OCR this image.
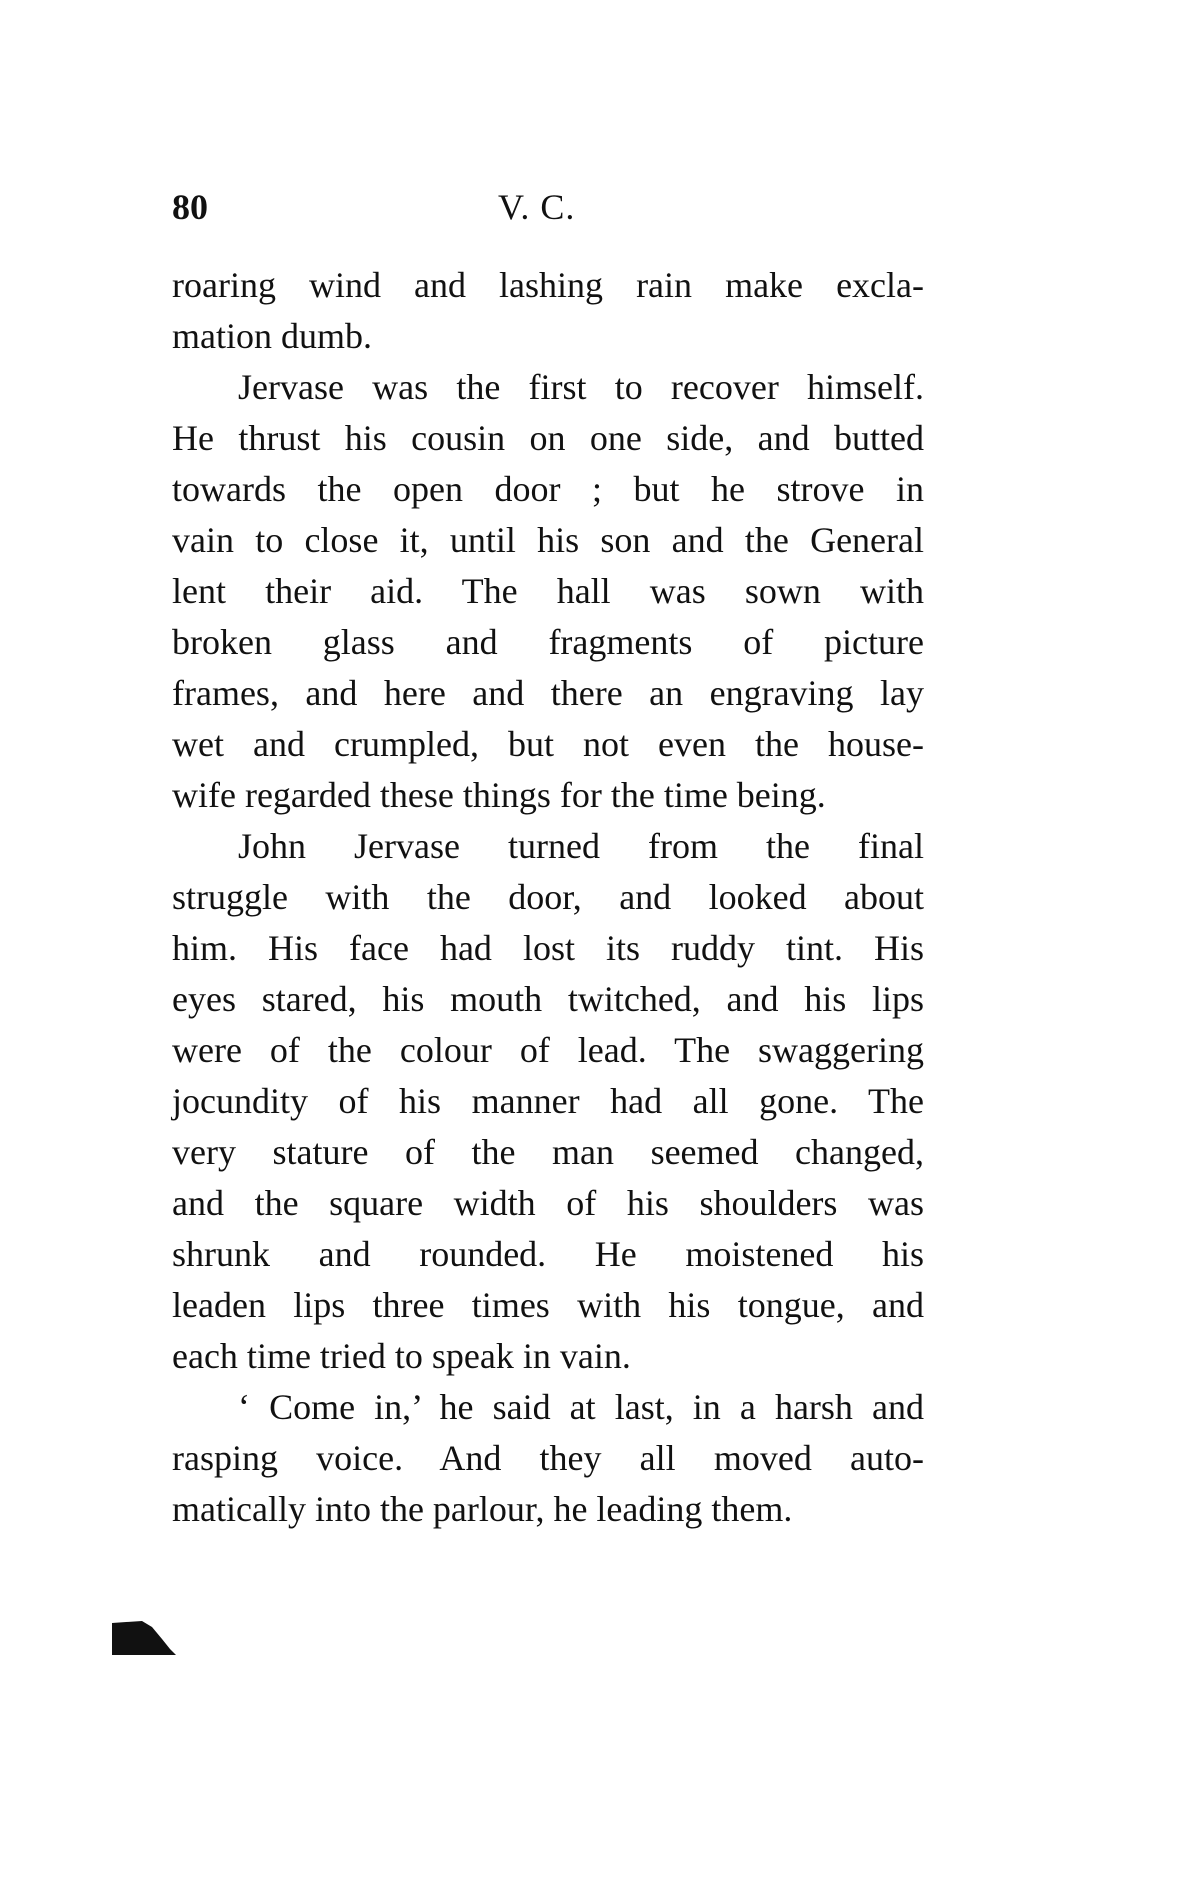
80	V. C.
roaring wind and lashing rain make excla-
mation dumb.
Jervase was the first to recover himself.
He thrust his cousin on one side, and butted
towards the open door ; but he strove in
vain to close it, until his son and the General
lent their aid. The hall was sown with
broken glass and fragments of picture
frames, and here and there an engraving lay
wet and crumpled, but not even the house-
wife regarded these things for the time being.
John Jervase turned from the final
struggle with the door, and looked about
him. His face had lost its ruddy tint. His
eyes stared, his mouth twitched, and his lips
were of the colour of lead. The swaggering
jocundity of his manner had all gone. The
very stature of the man seemed changed,
and the square width of his shoulders was
shrunk and rounded. He moistened his
leaden lips three times with his tongue, and
each time tried to speak in vain.
‘ Come in,’ he said at last, in a harsh and
rasping voice. And they all moved auto-
matically into the parlour, he leading them.
